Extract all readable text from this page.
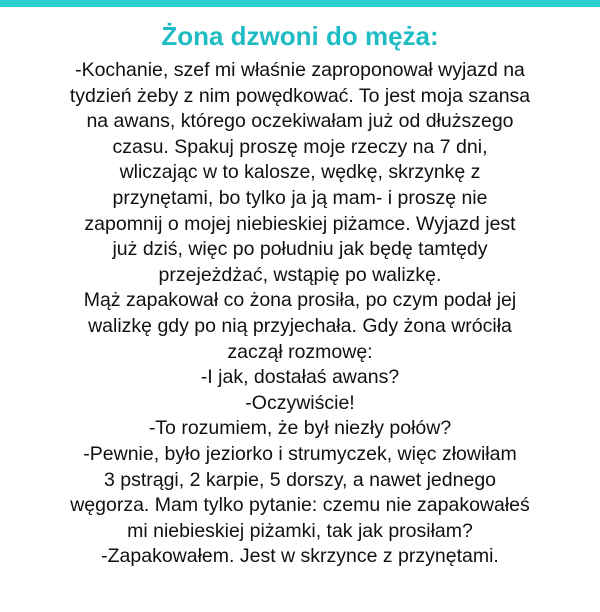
Żona dzwoni do męża:
-Kochanie, szef mi właśnie zaproponował wyjazd na
tydzień żeby z nim powędkować. To jest moja szansa
na awans, którego oczekiwałam już od dłuższego
czasu. Spakuj proszę moje rzeczy na 7 dni,
wliczając w to kalosze, wędkę, skrzynkę z
przynętami, bo tylko ja ją mam- i proszę nie
zapomnij o mojej niebieskiej piżamce. Wyjazd jest
już dziś, więc po południu jak będę tamtędy
przejeżdżać, wstąpię po walizkę.
Mąż zapakował co żona prosiła, po czym podał jej
walizkę gdy po nią przyjechała. Gdy żona wróciła
zaczął rozmowę:
-I jak, dostałaś awans?
-Oczywiście!
-To rozumiem, że był niezły połów?
-Pewnie, było jeziorko i strumyczek, więc złowiłam
3 pstrągi, 2 karpie, 5 dorszy, a nawet jednego
węgorza. Mam tylko pytanie: czemu nie zapakowałeś
mi niebieskiej piżamki, tak jak prosiłam?
-Zapakowałem. Jest w skrzynce z przynętami.
